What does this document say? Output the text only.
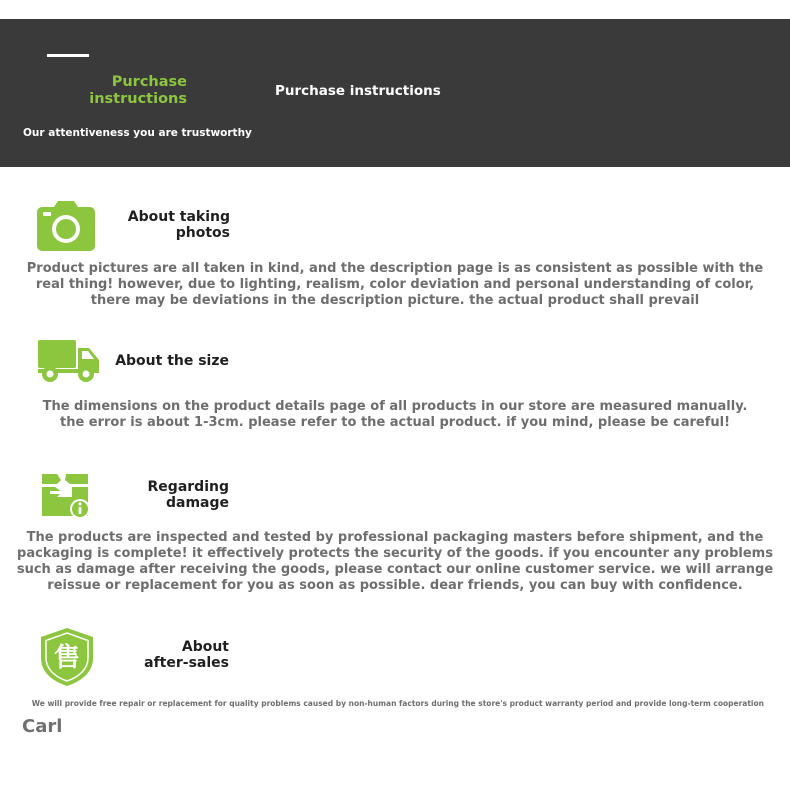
Purchase
instructions
Our attentiveness you are trustworthy
Purchase instructions
About taking
photos
Product pictures are all taken in kind, and the description page is as consistent as possible with the
real thing! however, due to lighting, realism, color deviation and personal understanding of color,
there may be deviations in the description picture. the actual product shall prevail
About the size
The dimensions on the product details page of all products in our store are measured manually.
the error is about 1-3cm. please refer to the actual product. if you mind, please be careful!
Regarding
damage
The products are inspected and tested by professional packaging masters before shipment, and the
packaging is complete! it effectively protects the security of the goods. if you encounter any problems
such as damage after receiving the goods, please contact our online customer service. we will arrange
reissue or replacement for you as soon as possible. dear friends, you can buy with confidence.
售	About
after-sales
We will provide free repair or replacement for quality problems caused by non-human factors during the store's product warranty period and provide long-term cooperation
Carl
